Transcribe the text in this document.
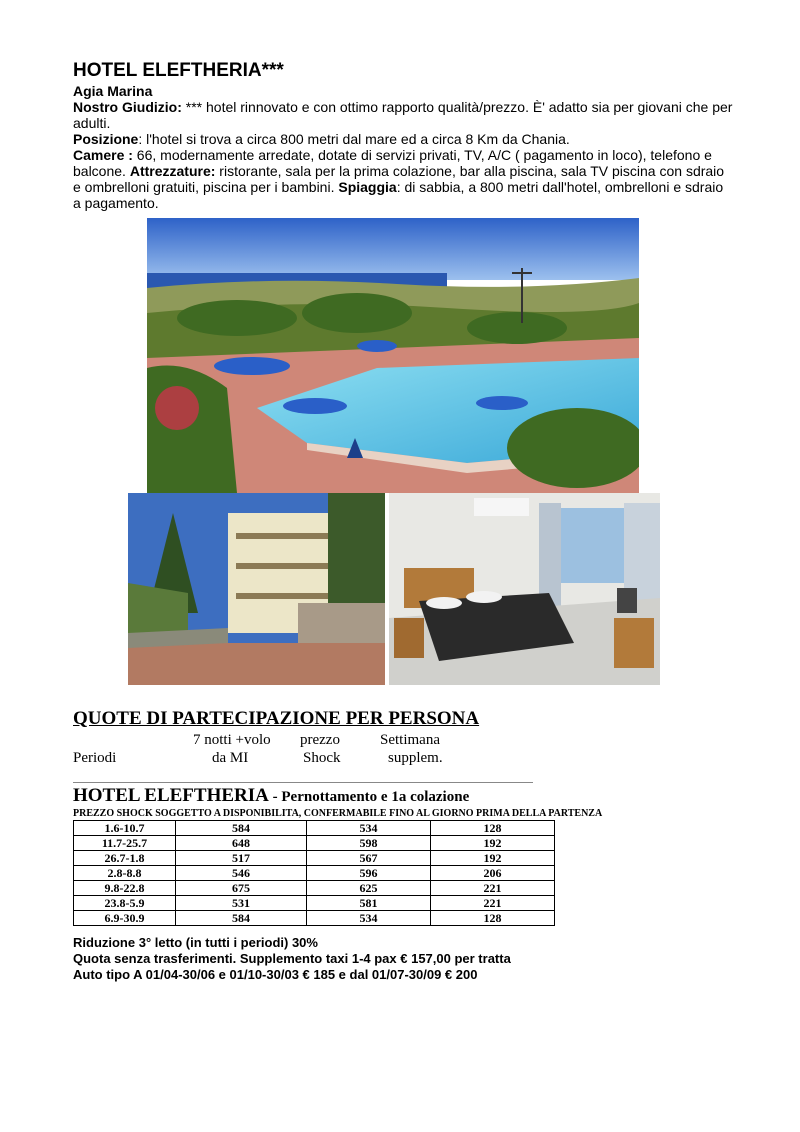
HOTEL ELEFTHERIA***

Agia Marina

Nostro Giudizio: *** hotel rinnovato e con ottimo rapporto qualità/prezzo. È' adatto sia per giovani che per adulti.

Posizione: l'hotel si trova a circa 800 metri dal mare ed a circa 8 Km da Chania.

Camere : 66, modernamente arredate, dotate di servizi privati, TV, A/C ( pagamento in loco), telefono e balcone. Attrezzature: ristorante, sala per la prima colazione, bar alla piscina, sala TV piscina con sdraio e ombrelloni gratuiti, piscina per i bambini. Spiaggia: di sabbia, a 800 metri dall'hotel, ombrelloni e sdraio a pagamento.

QUOTE DI PARTECIPAZIONE PER PERSONA
7 notti +volo prezzo	Settimana
Periodi	da MI	Shock	supplem.
HOTEL ELEFTHERIA - Pernottamento e 1a colazione
PREZZO SHOCK SOGGETTO A DISPONIBILITA, CONFERMABILE FINO AL GIORNO PRIMA DELLA PARTENZA
1.6-10.7	584	534	128
11.7-25.7	648	598	192
26.7-1.8	517	567	192
2.8-8.8	546	596	206
9.8-22.8	675	625	221
23.8-5.9	531	581	221
6.9-30.9	584	534	128
Riduzione 3° letto (in tutti i periodi) 30%
Quota senza trasferimenti. Supplemento taxi 1-4 pax € 157,00 per tratta
Auto tipo A 01/04-30/06 e 01/10-30/03 € 185 e dal 01/07-30/09 € 200
